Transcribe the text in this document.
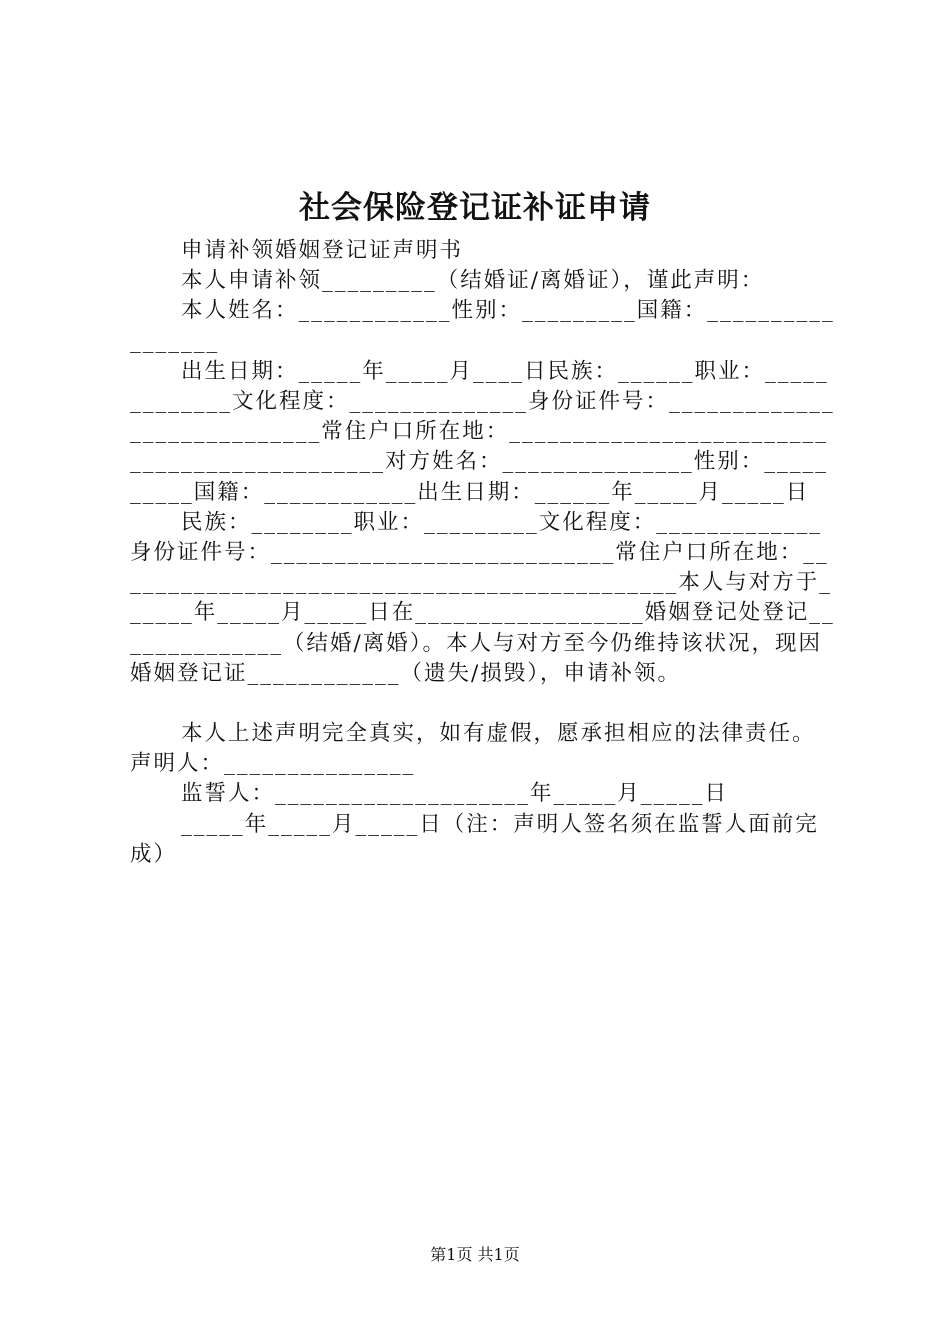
社会保险登记证补证申请

申请补领婚姻登记证声明书

本人申请补领_________（结婚证/离婚证），谨此声明：

本人姓名：____________性别：_________国籍：_________________

出生日期：_____年_____月____日民族：______职业：_____________文化程度：______________身份证件号：____________________________常住户口所在地：_____________________________________________对方姓名：_______________性别：__________国籍：____________出生日期：______年_____月_____日

民族：________职业：_________文化程度：_____________身份证件号：___________________________常住户口所在地：_____________________________________________本人与对方于______年_____月_____日在__________________婚姻登记处登记______________（结婚/离婚）。本人与对方至今仍维持该状况，现因婚姻登记证____________（遗失/损毁），申请补领。

本人上述声明完全真实，如有虚假，愿承担相应的法律责任。声明人：_______________

监誓人：____________________年_____月_____日

_____年_____月_____日（注：声明人签名须在监誓人面前完成）

第1页 共1页
